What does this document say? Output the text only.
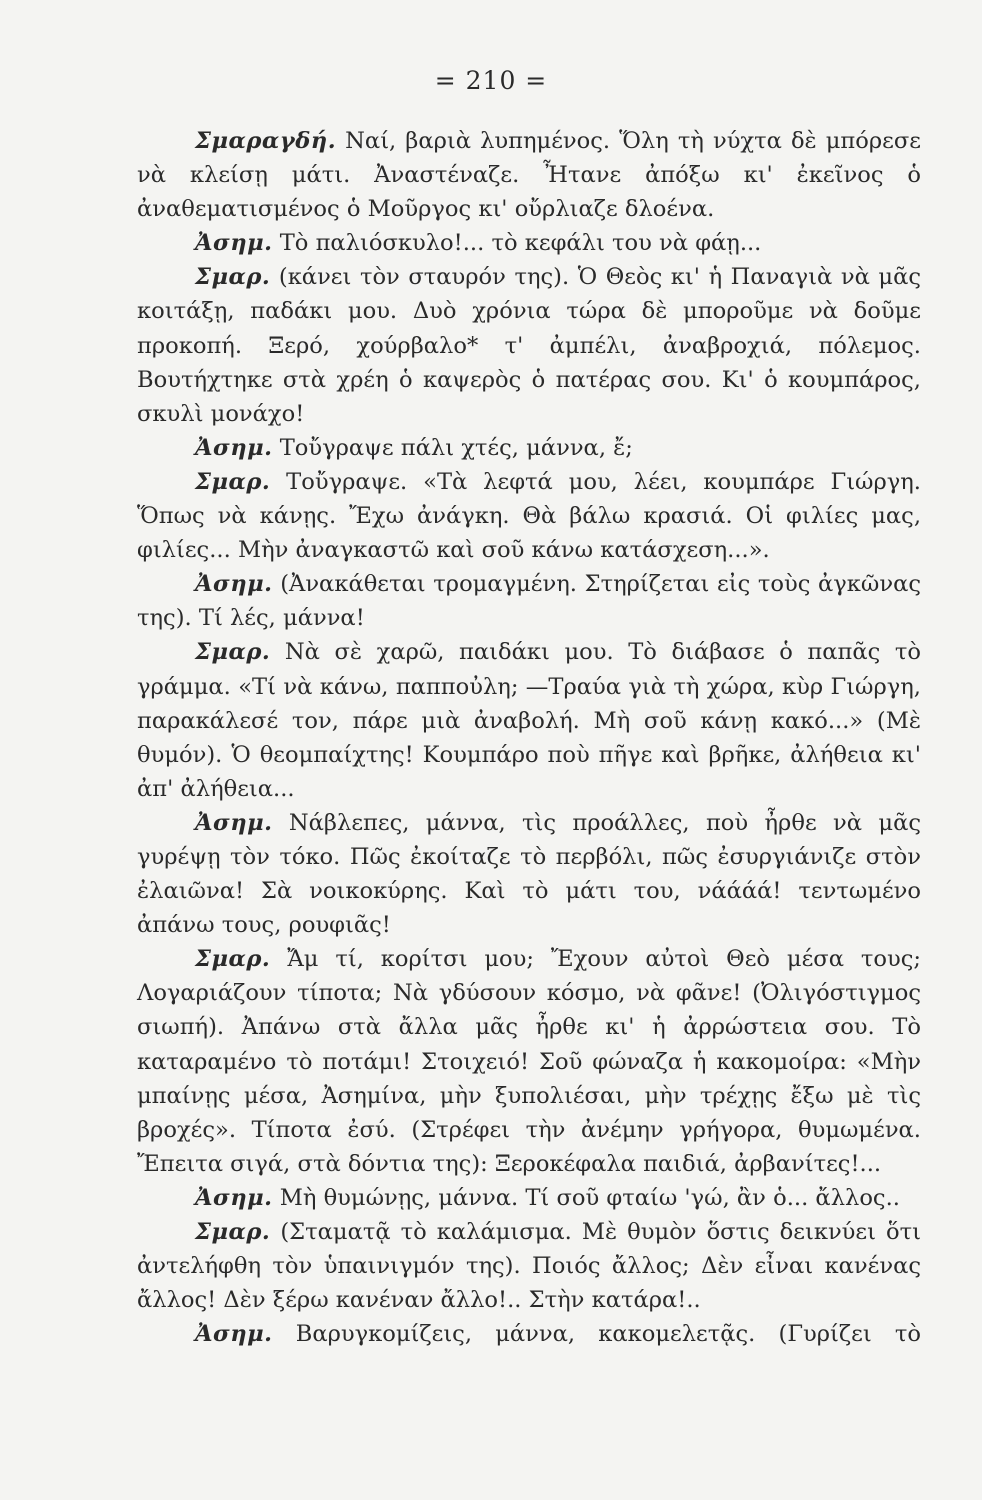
= 210 =

Σμαραγδή. Ναί, βαριὰ λυπημένος. Ὅλη τὴ νύχτα δὲ μπόρεσε νὰ κλείσῃ μάτι. Ἀναστέναζε. Ἦτανε ἀπόξω κι' ἐκεῖνος ὁ ἀναθεματισμένος ὁ Μοῦργος κι' οὔρλιαζε δλοένα.

Ἀσημ. Τὸ παλιόσκυλο!... τὸ κεφάλι του νὰ φάῃ...

Σμαρ. (κάνει τὸν σταυρόν της). Ὁ Θεὸς κι' ἡ Παναγιὰ νὰ μᾶς κοιτάξῃ, παδάκι μου. Δυὸ χρόνια τώρα δὲ μποροῦμε νὰ δοῦμε προκοπή. Ξερό, χούρβαλο* τ' ἀμπέλι, ἀναβροχιά, πόλεμος. Βουτήχτηκε στὰ χρέη ὁ καψερὸς ὁ πατέρας σου. Κι' ὁ κουμπάρος, σκυλὶ μονάχο!

Ἀσημ. Τοὔγραψε πάλι χτές, μάννα, ἔ;

Σμαρ. Τοὔγραψε. «Τὰ λεφτά μου, λέει, κουμπάρε Γιώργη. Ὅπως νὰ κάνῃς. Ἔχω ἀνάγκη. Θὰ βάλω κρασιά. Οἱ φιλίες μας, φιλίες... Μὴν ἀναγκαστῶ καὶ σοῦ κάνω κατάσχεση...».

Ἀσημ. (Ἀνακάθεται τρομαγμένη. Στηρίζεται εἰς τοὺς ἀγκῶνας της). Τί λές, μάννα!

Σμαρ. Νὰ σὲ χαρῶ, παιδάκι μου. Τὸ διάβασε ὁ παπᾶς τὸ γράμμα. «Τί νὰ κάνω, παπποὐλη; —Τραύα γιὰ τὴ χώρα, κὺρ Γιώργη, παρακάλεσέ τον, πάρε μιὰ ἀναβολή. Μὴ σοῦ κάνῃ κακό...» (Μὲ θυμόν). Ὁ θεομπαίχτης! Κουμπάρο ποὺ πῆγε καὶ βρῆκε, ἀλήθεια κι' ἀπ' ἀλήθεια...

Ἀσημ. Νάβλεπες, μάννα, τὶς προάλλες, ποὺ ἦρθε νὰ μᾶς γυρέψῃ τὸν τόκο. Πῶς ἐκοίταζε τὸ περβόλι, πῶς ἐσυργιάνιζε στὸν ἐλαιῶνα! Σὰ νοικοκύρης. Καὶ τὸ μάτι του, νάάάά! τεντωμένο ἀπάνω τους, ρουφιᾶς!

Σμαρ. Ἄμ τί, κορίτσι μου; Ἔχουν αὐτοὶ Θεὸ μέσα τους; Λογαριάζουν τίποτα; Νὰ γδύσουν κόσμο, νὰ φᾶνε! (Ὀλιγόστιγμος σιωπή). Ἀπάνω στὰ ἄλλα μᾶς ἦρθε κι' ἡ ἀρρώστεια σου. Τὸ καταραμένο τὸ ποτάμι! Στοιχειό! Σοῦ φώναζα ἡ κακομοίρα: «Μὴν μπαίνῃς μέσα, Ἀσημίνα, μὴν ξυπολιέσαι, μὴν τρέχῃς ἔξω μὲ τὶς βροχές». Τίποτα ἐσύ. (Στρέφει τὴν ἀνέμην γρήγορα, θυμωμένα. Ἔπειτα σιγά, στὰ δόντια της): Ξεροκέφαλα παιδιά, ἀρβανίτες!...

Ἀσημ. Μὴ θυμώνῃς, μάννα. Τί σοῦ φταίω 'γώ, ἂν ὁ... ἄλλος..

Σμαρ. (Σταματᾷ τὸ καλάμισμα. Μὲ θυμὸν ὅστις δεικνύει ὅτι ἀντελήφθη τὸν ὑπαινιγμόν της). Ποιός ἄλλος; Δὲν εἶναι κανένας ἄλλος! Δὲν ξέρω κανέναν ἄλλο!.. Στὴν κατάρα!..

Ἀσημ. Βαρυγκομίζεις, μάννα, κακομελετᾷς. (Γυρίζει τὸ
